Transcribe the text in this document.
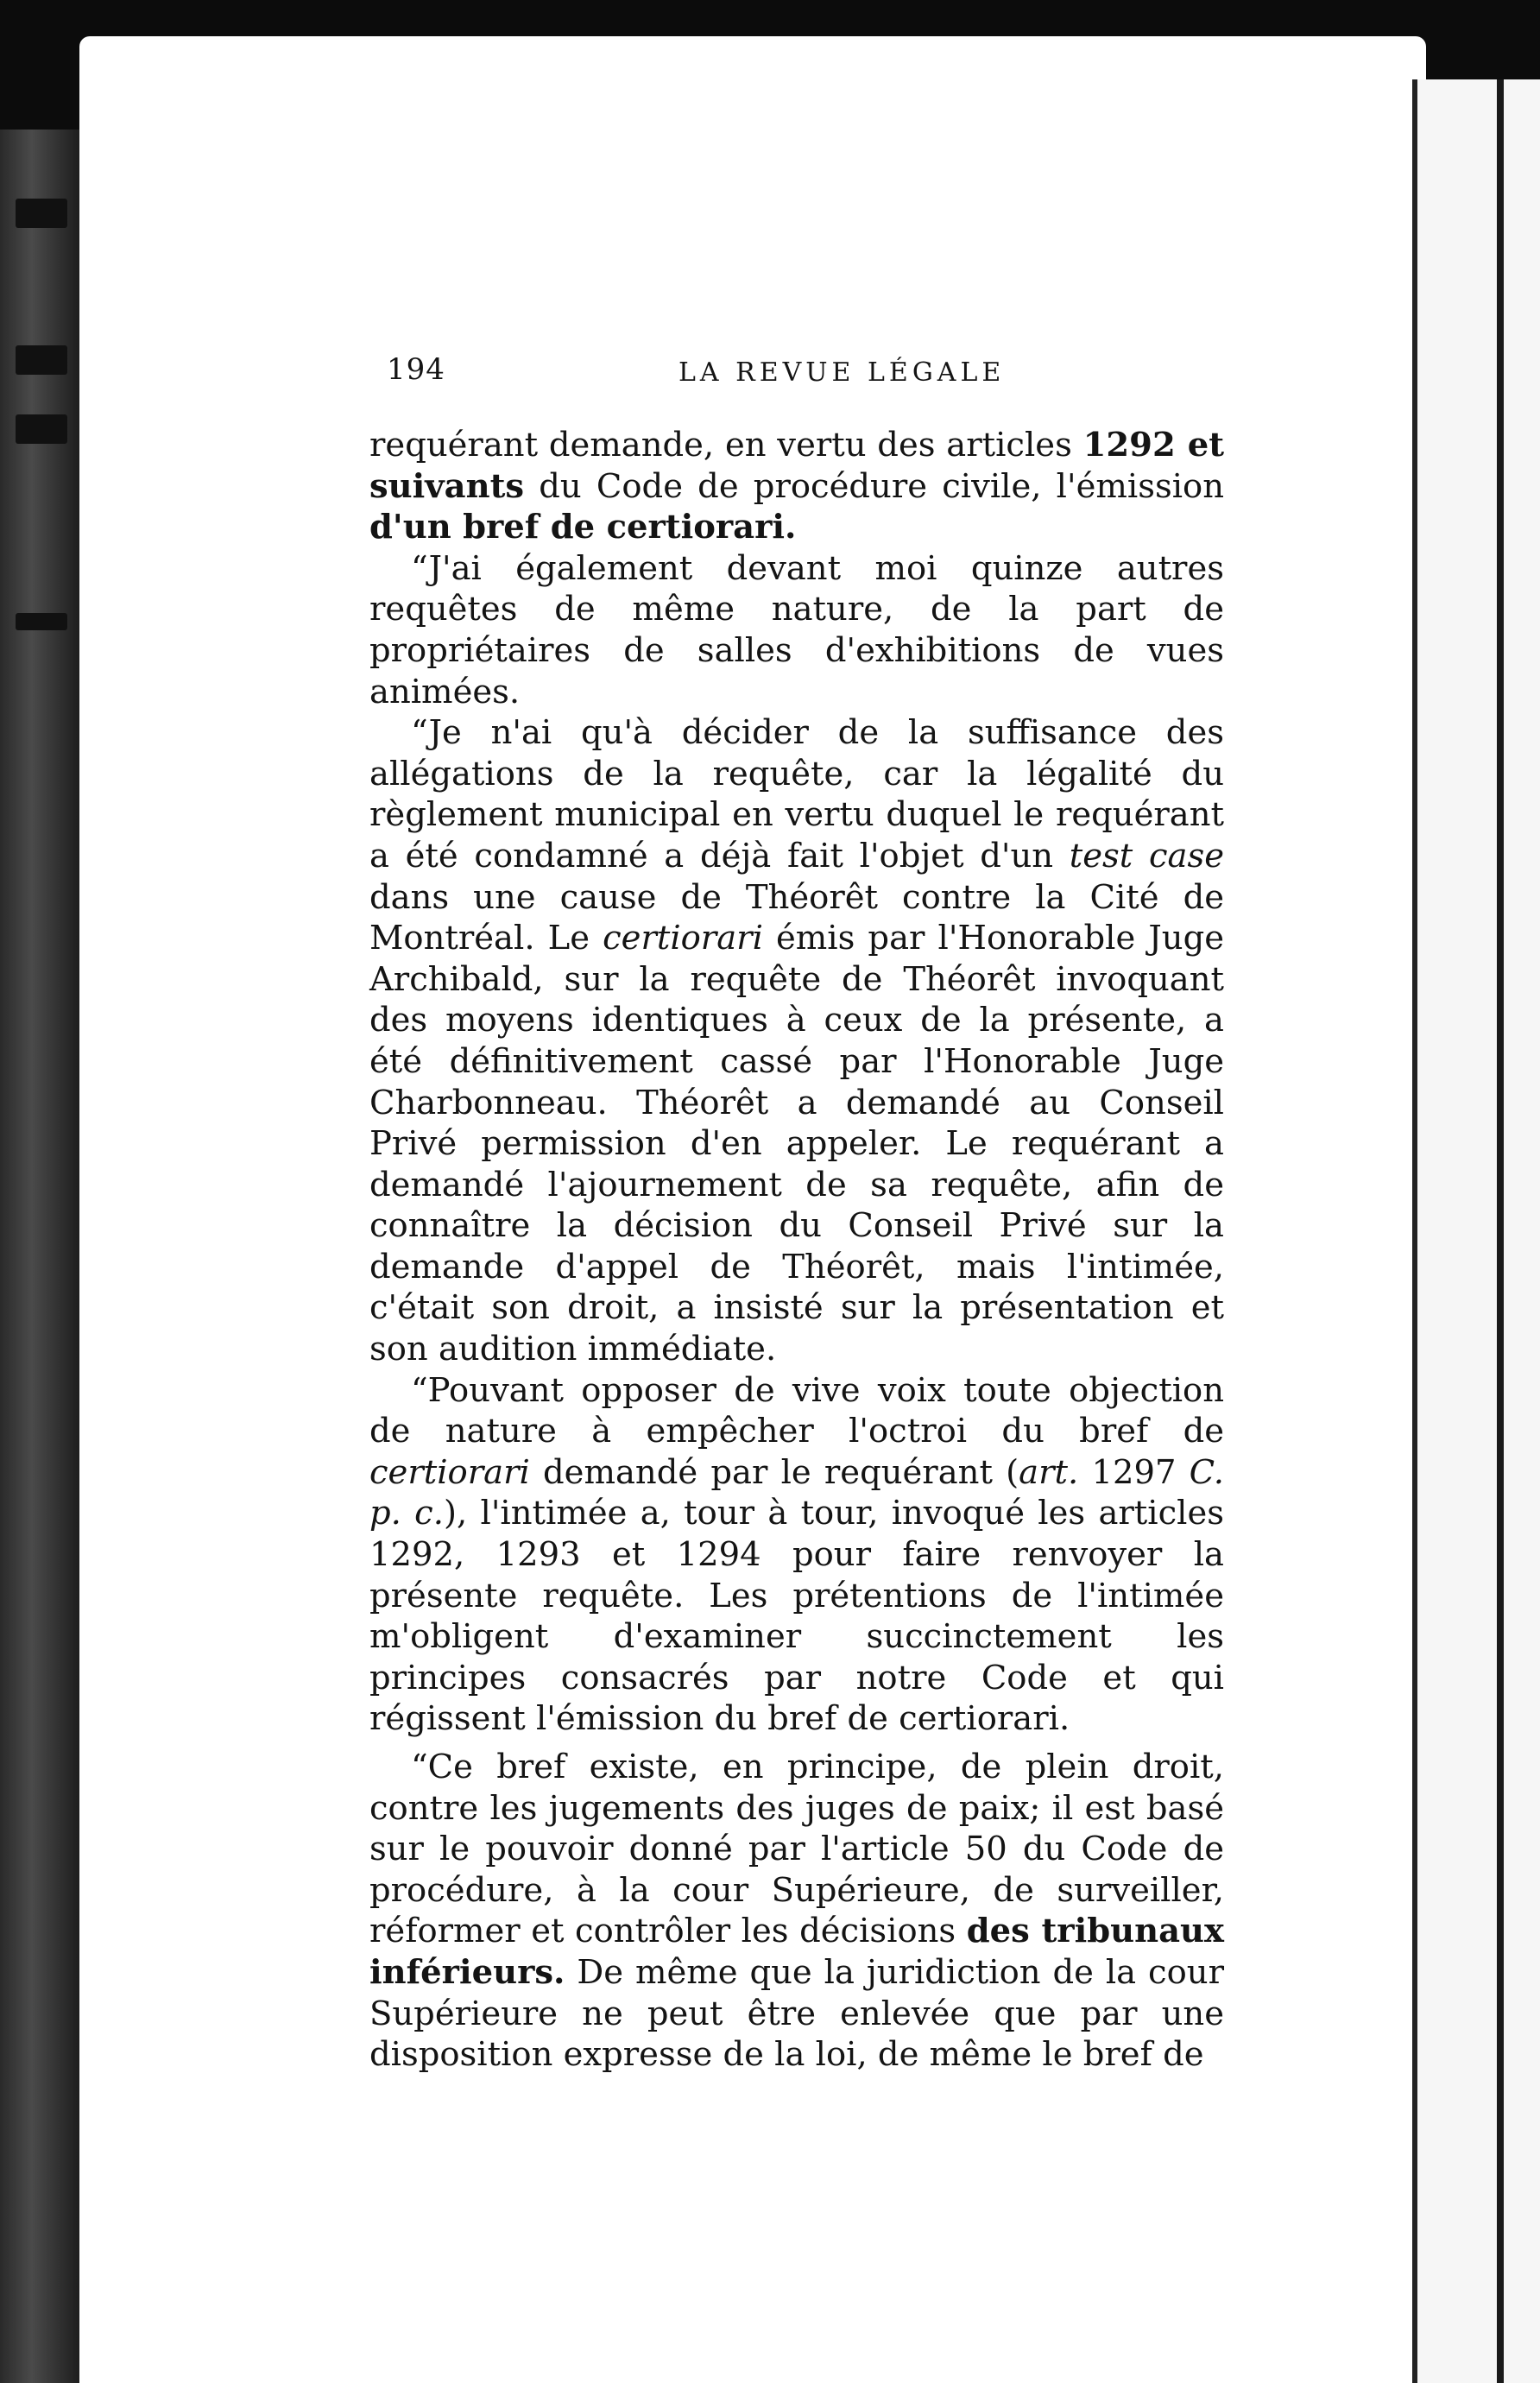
194	LA REVUE LÉGALE

requérant demande, en vertu des articles 1292 et suivants du Code de procédure civile, l'émission d'un bref de certiorari.

“J'ai également devant moi quinze autres requêtes de même nature, de la part de propriétaires de salles d'exhibitions de vues animées.

“Je n'ai qu'à décider de la suffisance des allégations de la requête, car la légalité du règlement municipal en vertu duquel le requérant a été condamné a déjà fait l'objet d'un test case dans une cause de Théorêt contre la Cité de Montréal. Le certiorari émis par l'Honorable Juge Archibald, sur la requête de Théorêt invoquant des moyens identiques à ceux de la présente, a été définitivement cassé par l'Honorable Juge Charbonneau. Théorêt a demandé au Conseil Privé permission d'en appeler. Le requérant a demandé l'ajournement de sa requête, afin de connaître la décision du Conseil Privé sur la demande d'appel de Théorêt, mais l'intimée, c'était son droit, a insisté sur la présentation et son audition immédiate.

“Pouvant opposer de vive voix toute objection de nature à empêcher l'octroi du bref de certiorari demandé par le requérant (art. 1297 C. p. c.), l'intimée a, tour à tour, invoqué les articles 1292, 1293 et 1294 pour faire renvoyer la présente requête. Les prétentions de l'intimée m'obligent d'examiner succinctement les principes consacrés par notre Code et qui régissent l'émission du bref de certiorari.

“Ce bref existe, en principe, de plein droit, contre les jugements des juges de paix; il est basé sur le pouvoir donné par l'article 50 du Code de procédure, à la cour Supérieure, de surveiller, réformer et contrôler les décisions des tribunaux inférieurs. De même que la juridiction de la cour Supérieure ne peut être enlevée que par une disposition expresse de la loi, de même le bref de
